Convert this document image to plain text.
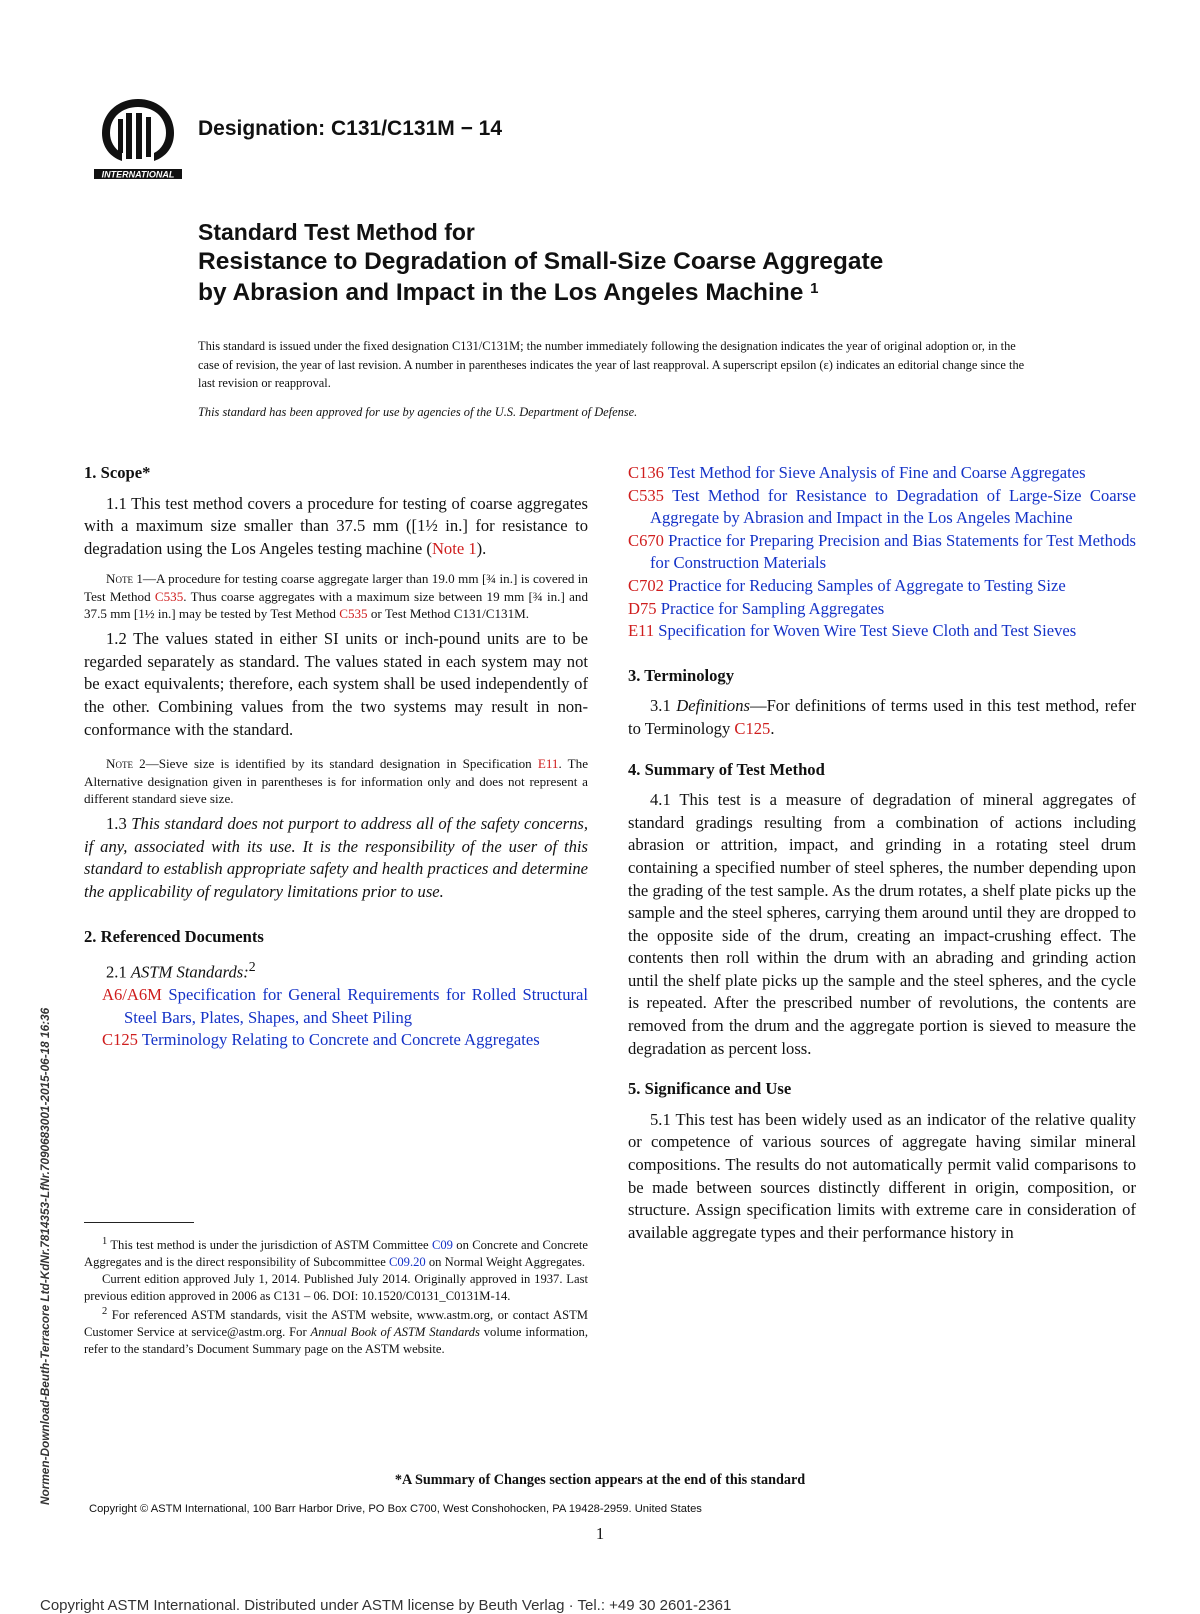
INTERNATIONAL
Designation: C131/C131M − 14
Standard Test Method for
Resistance to Degradation of Small-Size Coarse Aggregate
by Abrasion and Impact in the Los Angeles Machine $^1$
This standard is issued under the fixed designation C131/C131M; the number immediately following the designation indicates the year of original adoption or, in the case of revision, the year of last revision. A number in parentheses indicates the year of last reapproval. A superscript epsilon (ε) indicates an editorial change since the last revision or reapproval.
This standard has been approved for use by agencies of the U.S. Department of Defense.
1. Scope*

1.1 This test method covers a procedure for testing of coarse aggregates with a maximum size smaller than 37.5 mm ([1½ in.] for resistance to degradation using the Los Angeles testing machine (Note 1).

Note 1—A procedure for testing coarse aggregate larger than 19.0 mm [¾ in.] is covered in Test Method C535. Thus coarse aggregates with a maximum size between 19 mm [¾ in.] and 37.5 mm [1½ in.] may be tested by Test Method C535 or Test Method C131/C131M.

1.2 The values stated in either SI units or inch-pound units are to be regarded separately as standard. The values stated in each system may not be exact equivalents; therefore, each system shall be used independently of the other. Combining values from the two systems may result in non-conformance with the standard.

Note 2—Sieve size is identified by its standard designation in Specification E11. The Alternative designation given in parentheses is for information only and does not represent a different standard sieve size.

1.3 This standard does not purport to address all of the safety concerns, if any, associated with its use. It is the responsibility of the user of this standard to establish appropriate safety and health practices and determine the applicability of regulatory limitations prior to use.

2. Referenced Documents

2.1 ASTM Standards:$^2$

A6/A6M Specification for General Requirements for Rolled Structural Steel Bars, Plates, Shapes, and Sheet Piling

C125 Terminology Relating to Concrete and Concrete Aggregates

C136 Test Method for Sieve Analysis of Fine and Coarse Aggregates

C535 Test Method for Resistance to Degradation of Large-Size Coarse Aggregate by Abrasion and Impact in the Los Angeles Machine

C670 Practice for Preparing Precision and Bias Statements for Test Methods for Construction Materials

C702 Practice for Reducing Samples of Aggregate to Testing Size

D75 Practice for Sampling Aggregates

E11 Specification for Woven Wire Test Sieve Cloth and Test Sieves

3. Terminology

3.1 Definitions—For definitions of terms used in this test method, refer to Terminology C125.

4. Summary of Test Method

4.1 This test is a measure of degradation of mineral aggregates of standard gradings resulting from a combination of actions including abrasion or attrition, impact, and grinding in a rotating steel drum containing a specified number of steel spheres, the number depending upon the grading of the test sample. As the drum rotates, a shelf plate picks up the sample and the steel spheres, carrying them around until they are dropped to the opposite side of the drum, creating an impact-crushing effect. The contents then roll within the drum with an abrading and grinding action until the shelf plate picks up the sample and the steel spheres, and the cycle is repeated. After the prescribed number of revolutions, the contents are removed from the drum and the aggregate portion is sieved to measure the degradation as percent loss.

5. Significance and Use

5.1 This test has been widely used as an indicator of the relative quality or competence of various sources of aggregate having similar mineral compositions. The results do not automatically permit valid comparisons to be made between sources distinctly different in origin, composition, or structure. Assign specification limits with extreme care in consideration of available aggregate types and their performance history in

$^1$ This test method is under the jurisdiction of ASTM Committee C09 on Concrete and Concrete Aggregates and is the direct responsibility of Subcommittee C09.20 on Normal Weight Aggregates.

Current edition approved July 1, 2014. Published July 2014. Originally approved in 1937. Last previous edition approved in 2006 as C131 – 06. DOI: 10.1520/C0131_C0131M-14.

$^2$ For referenced ASTM standards, visit the ASTM website, www.astm.org, or contact ASTM Customer Service at service@astm.org. For Annual Book of ASTM Standards volume information, refer to the standard’s Document Summary page on the ASTM website.

*A Summary of Changes section appears at the end of this standard
Copyright © ASTM International, 100 Barr Harbor Drive, PO Box C700, West Conshohocken, PA 19428-2959. United States
1
Normen-Download-Beuth-Terracore Ltd-KdNr.7814353-LfNr.7090683001-2015-06-18 16:36
Copyright ASTM International. Distributed under ASTM license by Beuth Verlag · Tel.: +49 30 2601-2361
